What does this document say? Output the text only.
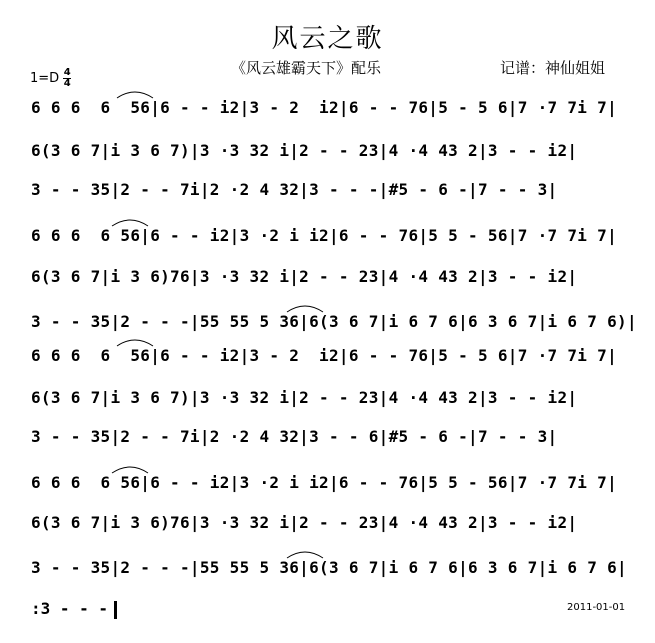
风云之歌
《风云雄霸天下》配乐	记谱：神仙姐姐
1=D 4
4
6 6 6  6  56|6 - - i2|3 - 2  i2|6 - - 76|5 - 5 6|7 ·7 7i 7|
6(3 6 7|i 3 6 7)|3 ·3 32 i|2 - - 23|4 ·4 43 2|3 - - i2|
3 - - 35|2 - - 7i|2 ·2 4 32|3 - - -|#5 - 6 -|7 - - 3|
6 6 6  6 56|6 - - i2|3 ·2 i i2|6 - - 76|5 5 - 56|7 ·7 7i 7|
6(3 6 7|i 3 6)76|3 ·3 32 i|2 - - 23|4 ·4 43 2|3 - - i2|
3 - - 35|2 - - -|55 55 5 36|6(3 6 7|i 6 7 6|6 3 6 7|i 6 7 6)|
6 6 6  6  56|6 - - i2|3 - 2  i2|6 - - 76|5 - 5 6|7 ·7 7i 7|
6(3 6 7|i 3 6 7)|3 ·3 32 i|2 - - 23|4 ·4 43 2|3 - - i2|
3 - - 35|2 - - 7i|2 ·2 4 32|3 - - 6|#5 - 6 -|7 - - 3|
6 6 6  6 56|6 - - i2|3 ·2 i i2|6 - - 76|5 5 - 56|7 ·7 7i 7|
6(3 6 7|i 3 6)76|3 ·3 32 i|2 - - 23|4 ·4 43 2|3 - - i2|
3 - - 35|2 - - -|55 55 5 36|6(3 6 7|i 6 7 6|6 3 6 7|i 6 7 6|
:3 - - -	2011-01-01
